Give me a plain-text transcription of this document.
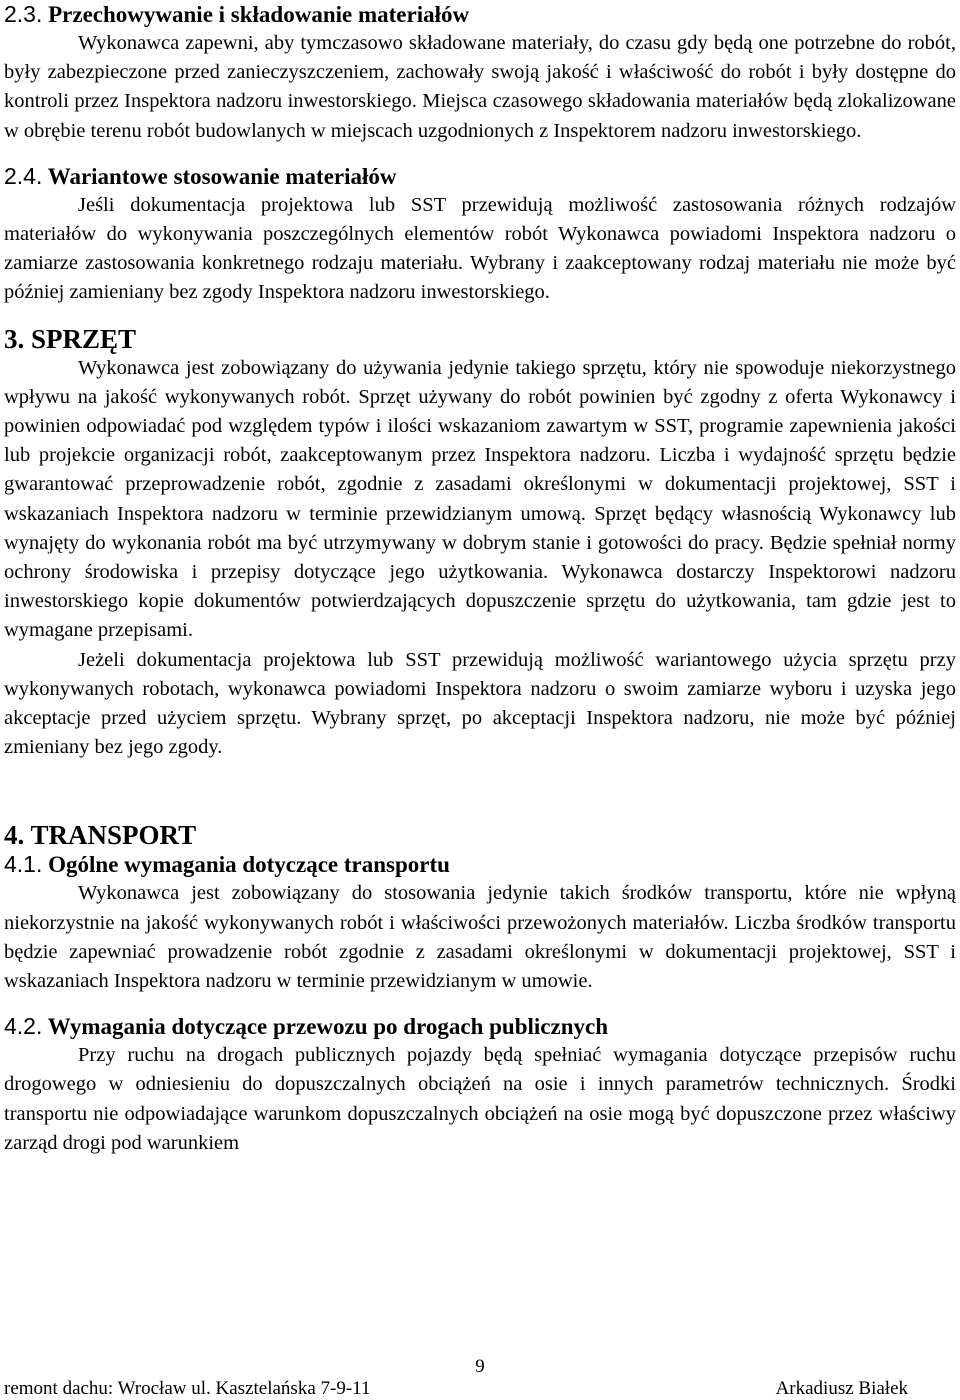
2.3. Przechowywanie i składowanie materiałów

Wykonawca zapewni, aby tymczasowo składowane materiały, do czasu gdy będą one potrzebne do robót, były zabezpieczone przed zanieczyszczeniem, zachowały swoją jakość i właściwość do robót i były dostępne do kontroli przez Inspektora nadzoru inwestorskiego. Miejsca czasowego składowania materiałów będą zlokalizowane w obrębie terenu robót budowlanych w miejscach uzgodnionych z Inspektorem nadzoru inwestorskiego.

2.4. Wariantowe stosowanie materiałów

Jeśli dokumentacja projektowa lub SST przewidują możliwość zastosowania różnych rodzajów materiałów do wykonywania poszczególnych elementów robót Wykonawca powiadomi Inspektora nadzoru o zamiarze zastosowania konkretnego rodzaju materiału. Wybrany i zaakceptowany rodzaj materiału nie może być później zamieniany bez zgody Inspektora nadzoru inwestorskiego.

3. SPRZĘT

Wykonawca jest zobowiązany do używania jedynie takiego sprzętu, który nie spowoduje niekorzystnego wpływu na jakość wykonywanych robót. Sprzęt używany do robót powinien być zgodny z oferta Wykonawcy i powinien odpowiadać pod względem typów i ilości wskazaniom zawartym w SST, programie zapewnienia jakości lub projekcie organizacji robót, zaakceptowanym przez Inspektora nadzoru. Liczba i wydajność sprzętu będzie gwarantować przeprowadzenie robót, zgodnie z zasadami określonymi w dokumentacji projektowej, SST i wskazaniach Inspektora nadzoru w terminie przewidzianym umową. Sprzęt będący własnością Wykonawcy lub wynajęty do wykonania robót ma być utrzymywany w dobrym stanie i gotowości do pracy. Będzie spełniał normy ochrony środowiska i przepisy dotyczące jego użytkowania. Wykonawca dostarczy Inspektorowi nadzoru inwestorskiego kopie dokumentów potwierdzających dopuszczenie sprzętu do użytkowania, tam gdzie jest to wymagane przepisami.

Jeżeli dokumentacja projektowa lub SST przewidują możliwość wariantowego użycia sprzętu przy wykonywanych robotach, wykonawca powiadomi Inspektora nadzoru o swoim zamiarze wyboru i uzyska jego akceptacje przed użyciem sprzętu. Wybrany sprzęt, po akceptacji Inspektora nadzoru, nie może być później zmieniany bez jego zgody.

4. TRANSPORT
4.1. Ogólne wymagania dotyczące transportu

Wykonawca jest zobowiązany do stosowania jedynie takich środków transportu, które nie wpłyną niekorzystnie na jakość wykonywanych robót i właściwości przewożonych materiałów. Liczba środków transportu będzie zapewniać prowadzenie robót zgodnie z zasadami określonymi w dokumentacji projektowej, SST i wskazaniach Inspektora nadzoru w terminie przewidzianym w umowie.

4.2. Wymagania dotyczące przewozu po drogach publicznych

Przy ruchu na drogach publicznych pojazdy będą spełniać wymagania dotyczące przepisów ruchu drogowego w odniesieniu do dopuszczalnych obciążeń na osie i innych parametrów technicznych. Środki transportu nie odpowiadające warunkom dopuszczalnych obciążeń na osie mogą być dopuszczone przez właściwy zarząd drogi pod warunkiem

9
remont dachu: Wrocław ul. Kasztelańska 7-9-11	Arkadiusz Białek
